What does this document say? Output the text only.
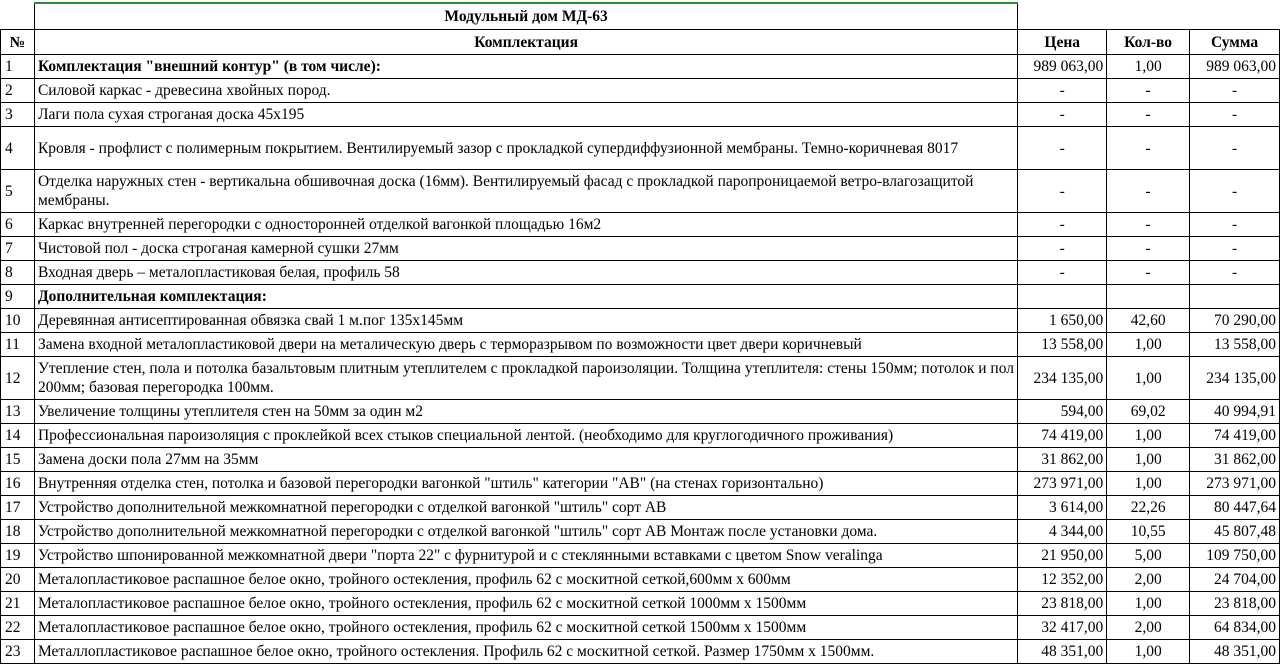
	Модульный дом МД-63			
№	Комплектация	Цена	Кол-во	Сумма
1	Комплектация "внешний контур" (в том числе):	989 063,00	1,00	989 063,00
2	Силовой каркас - древесина хвойных пород.	-	-	-
3	Лаги пола сухая строганая доска 45х195	-	-	-
4	Кровля - профлист с полимерным покрытием. Вентилируемый зазор с прокладкой супердиффузионной мембраны. Темно-коричневая 8017	-	-	-
5	Отделка наружных стен - вертикальна обшивочная доска (16мм). Вентилируемый фасад с прокладкой паропроницаемой ветро-влагозащитой мембраны.	-	-	-
6	Каркас внутренней перегородки с односторонней отделкой вагонкой площадью 16м2	-	-	-
7	Чистовой пол - доска строганая камерной сушки 27мм	-	-	-
8	Входная дверь – металопластиковая белая, профиль 58	-	-	-
9	Дополнительная комплектация:			
10	Деревянная антисептированная обвязка свай 1 м.пог 135х145мм	1 650,00	42,60	70 290,00
11	Замена входной металопластиковой двери на металическую дверь с терморазрывом по возможности цвет двери коричневый	13 558,00	1,00	13 558,00
12	Утепление стен, пола и потолка базальтовым плитным утеплителем с прокладкой пароизоляции. Толщина утеплителя: стены 150мм; потолок и пол 200мм; базовая перегородка 100мм.	234 135,00	1,00	234 135,00
13	Увеличение толщины утеплителя стен на 50мм за один м2	594,00	69,02	40 994,91
14	Профессиональная пароизоляция с проклейкой всех стыков специальной лентой. (необходимо для круглогодичного проживания)	74 419,00	1,00	74 419,00
15	Замена доски пола 27мм на 35мм	31 862,00	1,00	31 862,00
16	Внутренняя отделка стен, потолка и базовой перегородки вагонкой "штиль" категории "АВ" (на стенах горизонтально)	273 971,00	1,00	273 971,00
17	Устройство дополнительной межкомнатной перегородки с отделкой вагонкой "штиль" сорт АВ	3 614,00	22,26	80 447,64
18	Устройство дополнительной межкомнатной перегородки с отделкой вагонкой "штиль" сорт АВ Монтаж после установки дома.	4 344,00	10,55	45 807,48
19	Устройство шпонированной межкомнатной двери "порта 22" с фурнитурой и с стеклянными вставками с цветом Snow veralinga	21 950,00	5,00	109 750,00
20	Металопластиковое распашное белое окно, тройного остекления, профиль 62 с москитной сеткой,600мм х 600мм	12 352,00	2,00	24 704,00
21	Металопластиковое распашное белое окно, тройного остекления, профиль 62 с москитной сеткой 1000мм х 1500мм	23 818,00	1,00	23 818,00
22	Металопластиковое распашное белое окно, тройного остекления, профиль 62 с москитной сеткой 1500мм х 1500мм	32 417,00	2,00	64 834,00
23	Металлопластиковое распашное белое окно, тройного остекления. Профиль 62 с москитной сеткой. Размер 1750мм х 1500мм.	48 351,00	1,00	48 351,00
